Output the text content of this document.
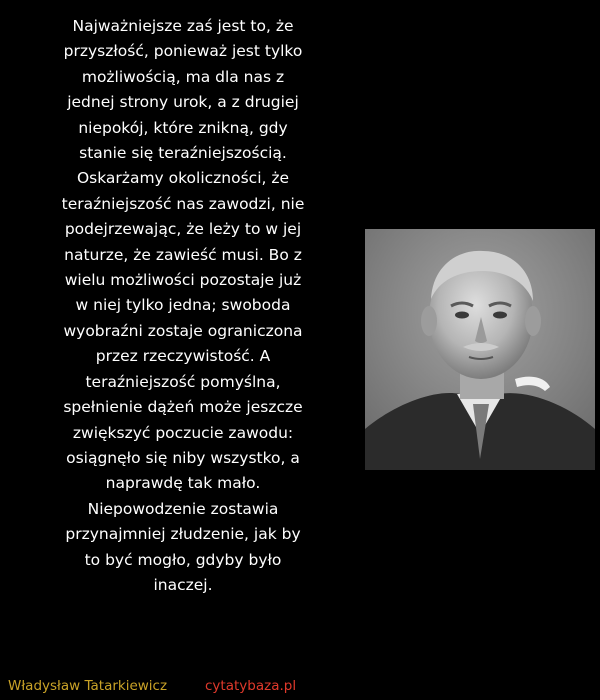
Najważniejsze zaś jest to, że
przyszłość, ponieważ jest tylko
możliwością, ma dla nas z
jednej strony urok, a z drugiej
niepokój, które znikną, gdy
stanie się teraźniejszością.
Oskarżamy okoliczności, że
teraźniejszość nas zawodzi, nie
podejrzewając, że leży to w jej
naturze, że zawieść musi. Bo z
wielu możliwości pozostaje już
w niej tylko jedna; swoboda
wyobraźni zostaje ograniczona
przez rzeczywistość. A
teraźniejszość pomyślna,
spełnienie dążeń może jeszcze
zwiększyć poczucie zawodu:
osiągnęło się niby wszystko, a
naprawdę tak mało.
Niepowodzenie zostawia
przynajmniej złudzenie, jak by
to być mogło, gdyby było
inaczej.
Władysław Tatarkiewicz	cytatybaza.pl
